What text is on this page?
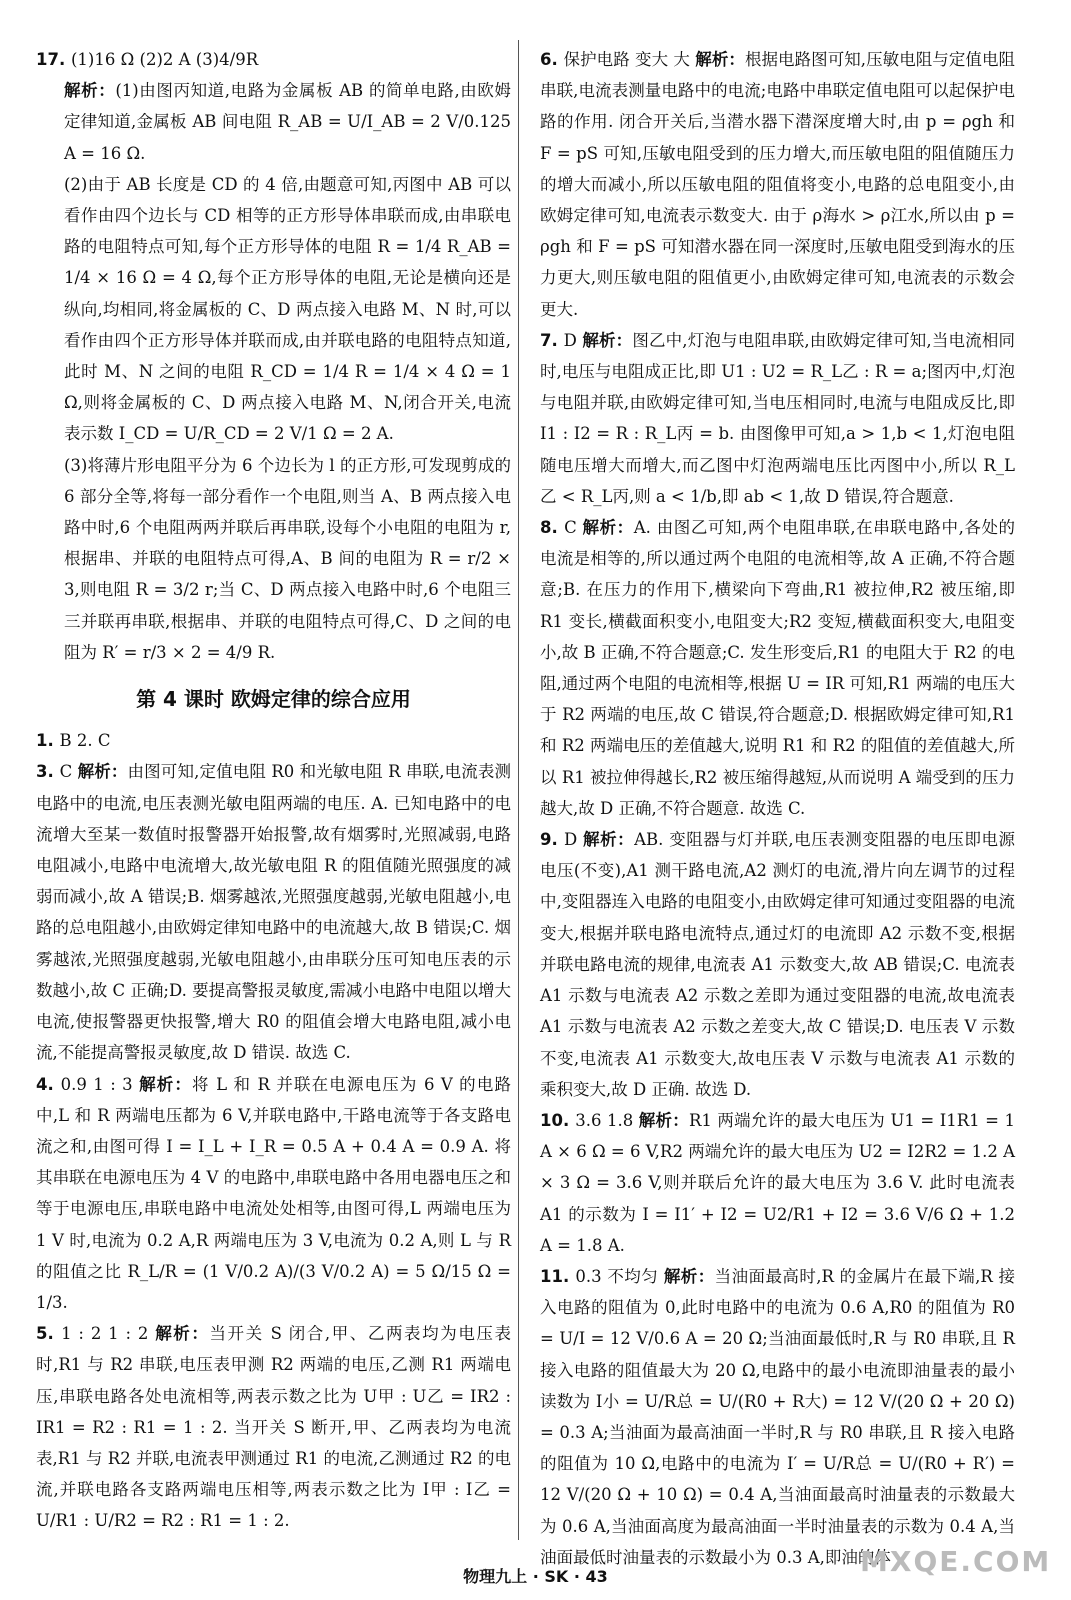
17. (1)16 Ω (2)2 A (3)4/9R
解析：(1)由图丙知道,电路为金属板 AB 的简单电路,由欧姆定律知道,金属板 AB 间电阻 R_AB = U/I_AB = 2 V/0.125 A = 16 Ω.
(2)由于 AB 长度是 CD 的 4 倍,由题意可知,丙图中 AB 可以看作由四个边长与 CD 相等的正方形导体串联而成,由串联电路的电阻特点可知,每个正方形导体的电阻 R = 1/4 R_AB = 1/4 × 16 Ω = 4 Ω,每个正方形导体的电阻,无论是横向还是纵向,均相同,将金属板的 C、D 两点接入电路 M、N 时,可以看作由四个正方形导体并联而成,由并联电路的电阻特点知道,此时 M、N 之间的电阻 R_CD = 1/4 R = 1/4 × 4 Ω = 1 Ω,则将金属板的 C、D 两点接入电路 M、N,闭合开关,电流表示数 I_CD = U/R_CD = 2 V/1 Ω = 2 A.
(3)将薄片形电阻平分为 6 个边长为 l 的正方形,可发现剪成的 6 部分全等,将每一部分看作一个电阻,则当 A、B 两点接入电路中时,6 个电阻两两并联后再串联,设每个小电阻的电阻为 r,根据串、并联的电阻特点可得,A、B 间的电阻为 R = r/2 × 3,则电阻 R = 3/2 r;当 C、D 两点接入电路中时,6 个电阻三三并联再串联,根据串、并联的电阻特点可得,C、D 之间的电阻为 R′ = r/3 × 2 = 4/9 R.
第 4 课时 欧姆定律的综合应用
1. B 2. C
3. C 解析：由图可知,定值电阻 R0 和光敏电阻 R 串联,电流表测电路中的电流,电压表测光敏电阻两端的电压. A. 已知电路中的电流增大至某一数值时报警器开始报警,故有烟雾时,光照减弱,电路电阻减小,电路中电流增大,故光敏电阻 R 的阻值随光照强度的减弱而减小,故 A 错误;B. 烟雾越浓,光照强度越弱,光敏电阻越小,电路的总电阻越小,由欧姆定律知电路中的电流越大,故 B 错误;C. 烟雾越浓,光照强度越弱,光敏电阻越小,由串联分压可知电压表的示数越小,故 C 正确;D. 要提高警报灵敏度,需减小电路中电阻以增大电流,使报警器更快报警,增大 R0 的阻值会增大电路电阻,减小电流,不能提高警报灵敏度,故 D 错误. 故选 C.
4. 0.9 1 : 3 解析：将 L 和 R 并联在电源电压为 6 V 的电路中,L 和 R 两端电压都为 6 V,并联电路中,干路电流等于各支路电流之和,由图可得 I = I_L + I_R = 0.5 A + 0.4 A = 0.9 A. 将其串联在电源电压为 4 V 的电路中,串联电路中各用电器电压之和等于电源电压,串联电路中电流处处相等,由图可得,L 两端电压为 1 V 时,电流为 0.2 A,R 两端电压为 3 V,电流为 0.2 A,则 L 与 R 的阻值之比 R_L/R = (1 V/0.2 A)/(3 V/0.2 A) = 5 Ω/15 Ω = 1/3.
5. 1 : 2 1 : 2 解析：当开关 S 闭合,甲、乙两表均为电压表时,R1 与 R2 串联,电压表甲测 R2 两端的电压,乙测 R1 两端电压,串联电路各处电流相等,两表示数之比为 U甲 : U乙 = IR2 : IR1 = R2 : R1 = 1 : 2. 当开关 S 断开,甲、乙两表均为电流表,R1 与 R2 并联,电流表甲测通过 R1 的电流,乙测通过 R2 的电流,并联电路各支路两端电压相等,两表示数之比为 I甲 : I乙 = U/R1 : U/R2 = R2 : R1 = 1 : 2.
6. 保护电路 变大 大 解析：根据电路图可知,压敏电阻与定值电阻串联,电流表测量电路中的电流;电路中串联定值电阻可以起保护电路的作用. 闭合开关后,当潜水器下潜深度增大时,由 p = ρgh 和 F = pS 可知,压敏电阻受到的压力增大,而压敏电阻的阻值随压力的增大而减小,所以压敏电阻的阻值将变小,电路的总电阻变小,由欧姆定律可知,电流表示数变大. 由于 ρ海水 > ρ江水,所以由 p = ρgh 和 F = pS 可知潜水器在同一深度时,压敏电阻受到海水的压力更大,则压敏电阻的阻值更小,由欧姆定律可知,电流表的示数会更大.
7. D 解析：图乙中,灯泡与电阻串联,由欧姆定律可知,当电流相同时,电压与电阻成正比,即 U1 : U2 = R_L乙 : R = a;图丙中,灯泡与电阻并联,由欧姆定律可知,当电压相同时,电流与电阻成反比,即 I1 : I2 = R : R_L丙 = b. 由图像甲可知,a > 1,b < 1,灯泡电阻随电压增大而增大,而乙图中灯泡两端电压比丙图中小,所以 R_L乙 < R_L丙,则 a < 1/b,即 ab < 1,故 D 错误,符合题意.
8. C 解析：A. 由图乙可知,两个电阻串联,在串联电路中,各处的电流是相等的,所以通过两个电阻的电流相等,故 A 正确,不符合题意;B. 在压力的作用下,横梁向下弯曲,R1 被拉伸,R2 被压缩,即 R1 变长,横截面积变小,电阻变大;R2 变短,横截面积变大,电阻变小,故 B 正确,不符合题意;C. 发生形变后,R1 的电阻大于 R2 的电阻,通过两个电阻的电流相等,根据 U = IR 可知,R1 两端的电压大于 R2 两端的电压,故 C 错误,符合题意;D. 根据欧姆定律可知,R1 和 R2 两端电压的差值越大,说明 R1 和 R2 的阻值的差值越大,所以 R1 被拉伸得越长,R2 被压缩得越短,从而说明 A 端受到的压力越大,故 D 正确,不符合题意. 故选 C.
9. D 解析：AB. 变阻器与灯并联,电压表测变阻器的电压即电源电压(不变),A1 测干路电流,A2 测灯的电流,滑片向左调节的过程中,变阻器连入电路的电阻变小,由欧姆定律可知通过变阻器的电流变大,根据并联电路电流特点,通过灯的电流即 A2 示数不变,根据并联电路电流的规律,电流表 A1 示数变大,故 AB 错误;C. 电流表 A1 示数与电流表 A2 示数之差即为通过变阻器的电流,故电流表 A1 示数与电流表 A2 示数之差变大,故 C 错误;D. 电压表 V 示数不变,电流表 A1 示数变大,故电压表 V 示数与电流表 A1 示数的乘积变大,故 D 正确. 故选 D.
10. 3.6 1.8 解析：R1 两端允许的最大电压为 U1 = I1R1 = 1 A × 6 Ω = 6 V,R2 两端允许的最大电压为 U2 = I2R2 = 1.2 A × 3 Ω = 3.6 V,则并联后允许的最大电压为 3.6 V. 此时电流表 A1 的示数为 I = I1′ + I2 = U2/R1 + I2 = 3.6 V/6 Ω + 1.2 A = 1.8 A.
11. 0.3 不均匀 解析：当油面最高时,R 的金属片在最下端,R 接入电路的阻值为 0,此时电路中的电流为 0.6 A,R0 的阻值为 R0 = U/I = 12 V/0.6 A = 20 Ω;当油面最低时,R 与 R0 串联,且 R 接入电路的阻值最大为 20 Ω,电路中的最小电流即油量表的最小读数为 I小 = U/R总 = U/(R0 + R大) = 12 V/(20 Ω + 20 Ω) = 0.3 A;当油面为最高油面一半时,R 与 R0 串联,且 R 接入电路的阻值为 10 Ω,电路中的电流为 I′ = U/R总 = U/(R0 + R′) = 12 V/(20 Ω + 10 Ω) = 0.4 A,当油面最高时油量表的示数最大为 0.6 A,当油面高度为最高油面一半时油量表的示数为 0.4 A,当油面最低时油量表的示数最小为 0.3 A,即油的体
物理九上 · SK · 43	MXQE.COM
